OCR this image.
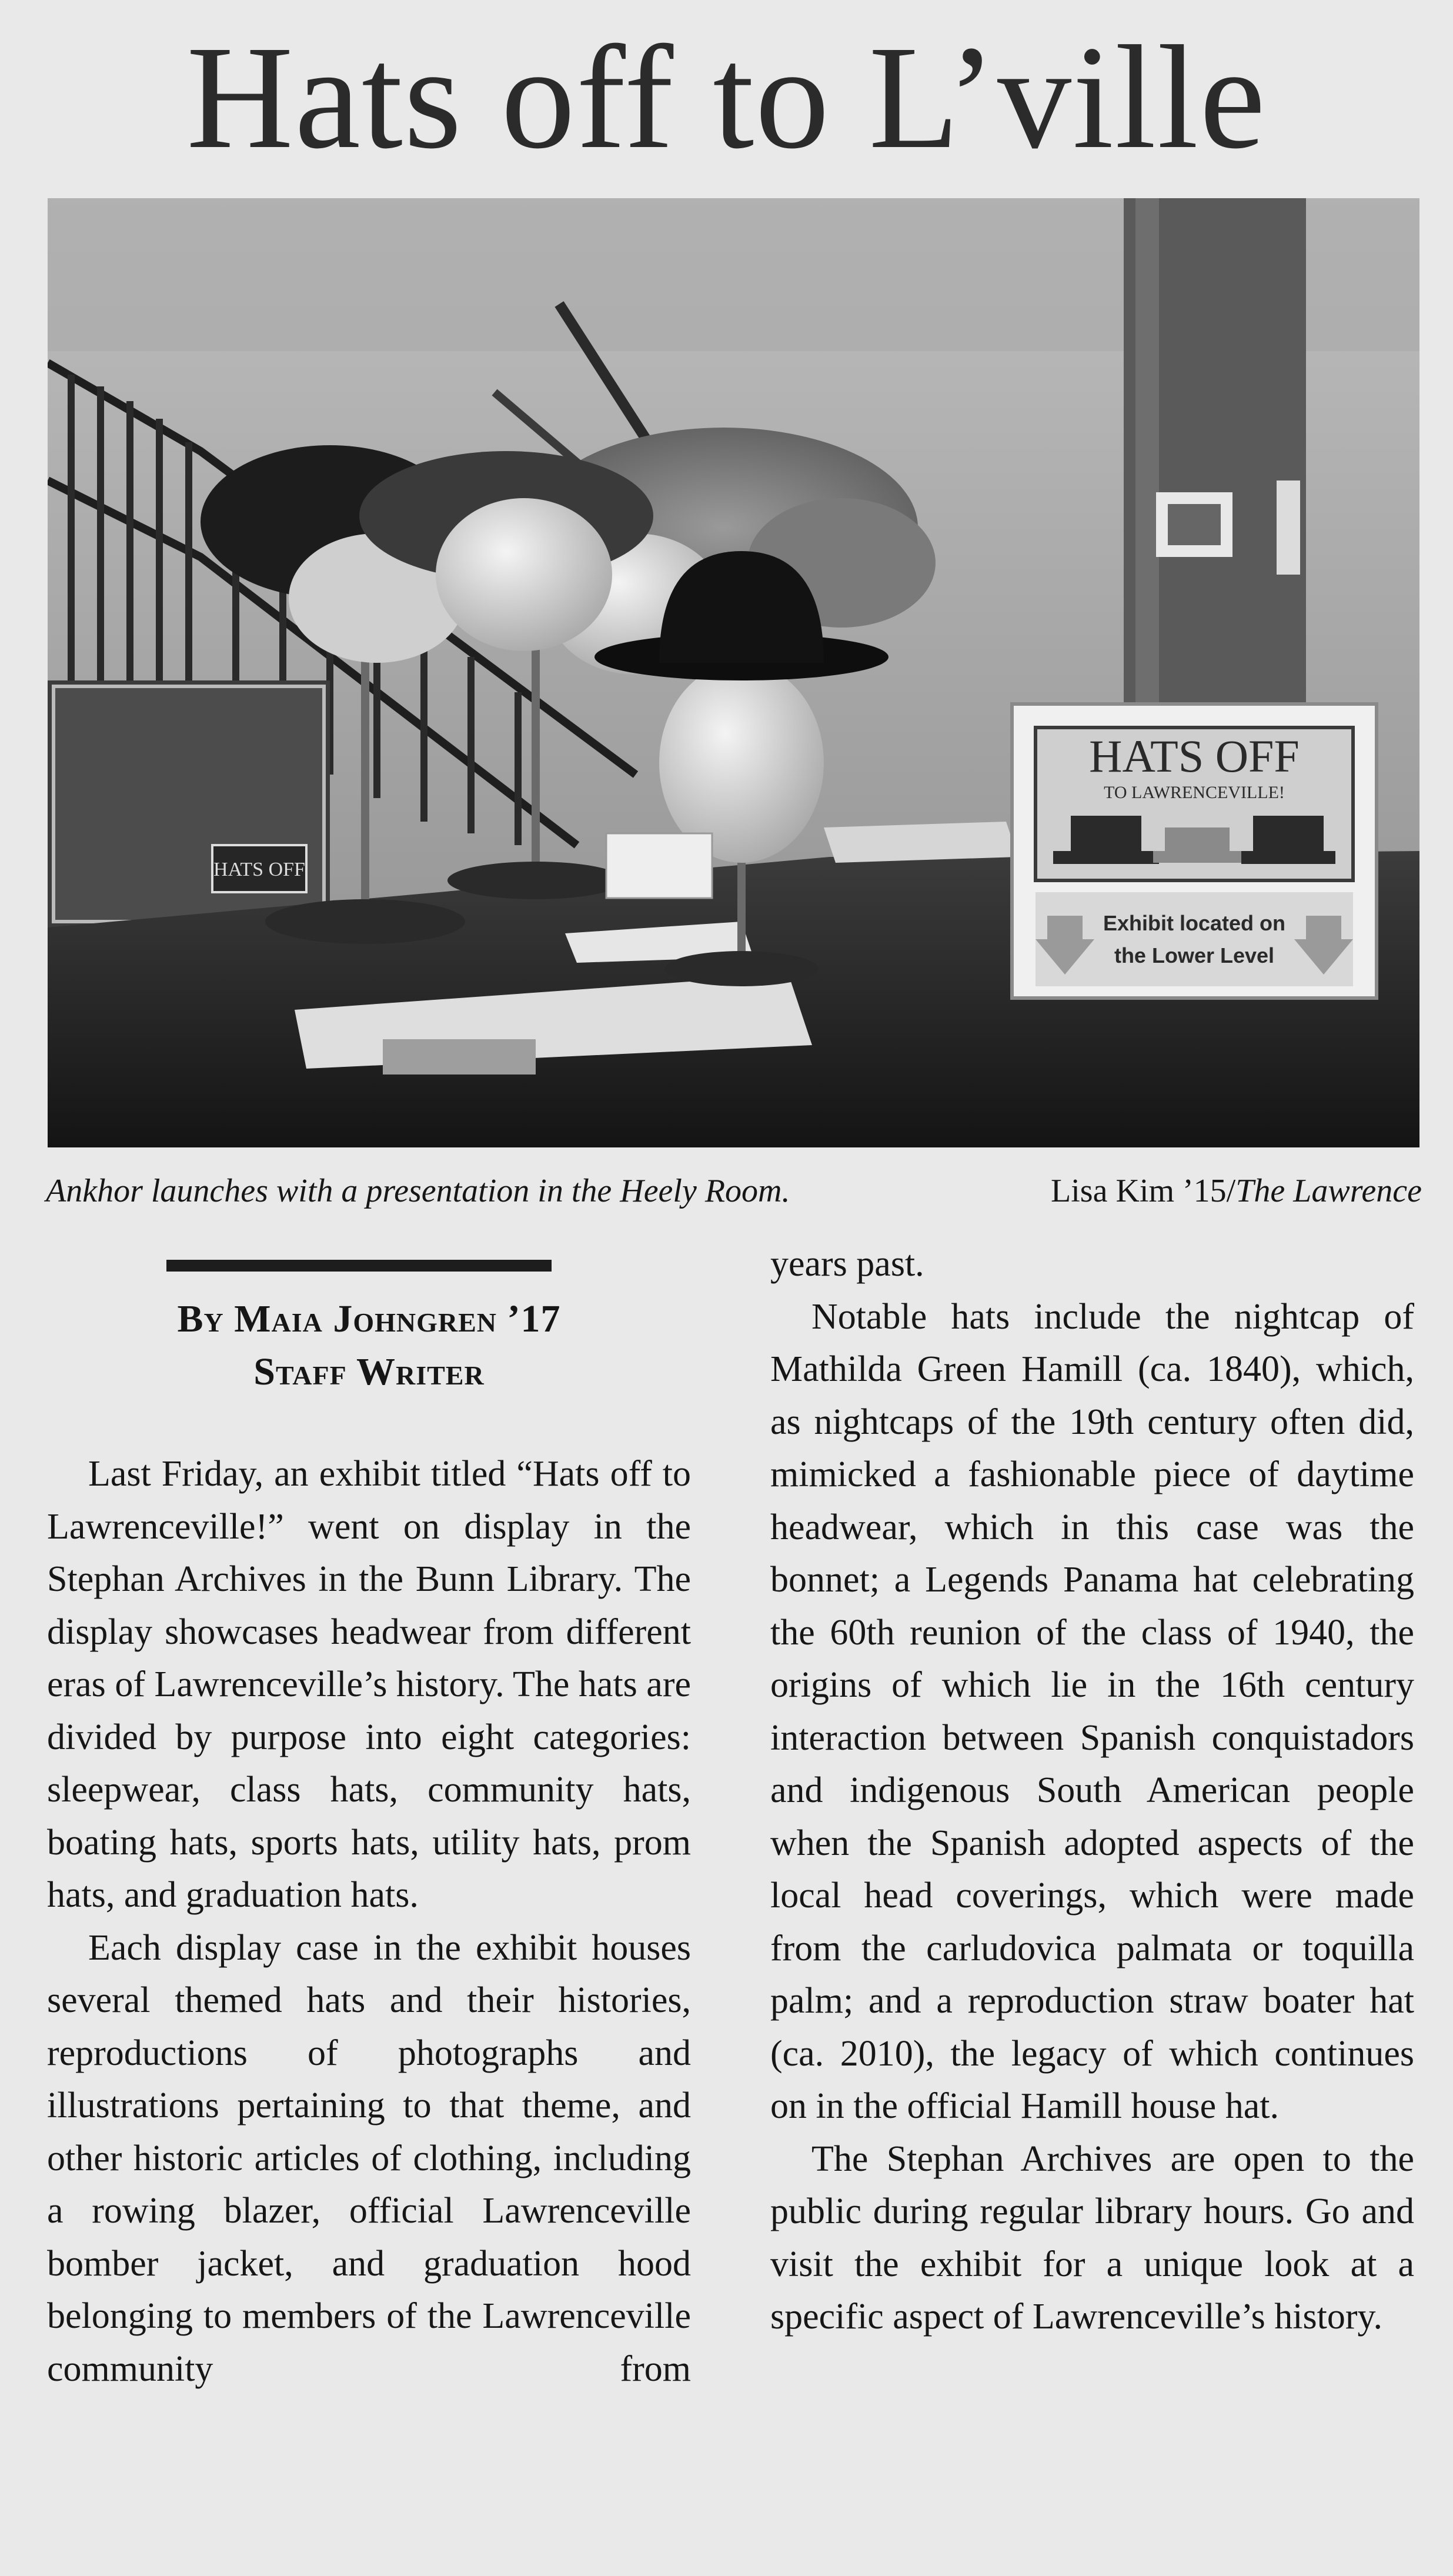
Hats off to L’ville
HATS OFF
HATS OFF
TO LAWRENCEVILLE!
Exhibit located on
the Lower Level
Ankhor launches with a presentation in the Heely Room.	Lisa Kim ’15/The Lawrence
By Maia Johngren ’17
Staff Writer

Last Friday, an exhibit titled “Hats off to Lawrenceville!” went on display in the Stephan Archives in the Bunn Library. The display showcases headwear from different eras of Lawrenceville’s history. The hats are divided by purpose into eight categories: sleepwear, class hats, community hats, boating hats, sports hats, utility hats, prom hats, and graduation hats.

Each display case in the exhibit houses several themed hats and their histories, reproductions of photographs and illustrations pertaining to that theme, and other historic articles of clothing, including a rowing blazer, official Lawrenceville bomber jacket, and graduation hood belonging to members of the Lawrenceville community from

years past.

Notable hats include the nightcap of Mathilda Green Hamill (ca. 1840), which, as nightcaps of the 19th century often did, mimicked a fashionable piece of daytime headwear, which in this case was the bonnet; a Legends Panama hat celebrating the 60th reunion of the class of 1940, the origins of which lie in the 16th century interaction between Spanish conquistadors and indigenous South American people when the Spanish adopted aspects of the local head coverings, which were made from the carludovica palmata or toquilla palm; and a reproduction straw boater hat (ca. 2010), the legacy of which continues on in the official Hamill house hat.

The Stephan Archives are open to the public during regular library hours. Go and visit the exhibit for a unique look at a specific aspect of Lawrenceville’s history.
